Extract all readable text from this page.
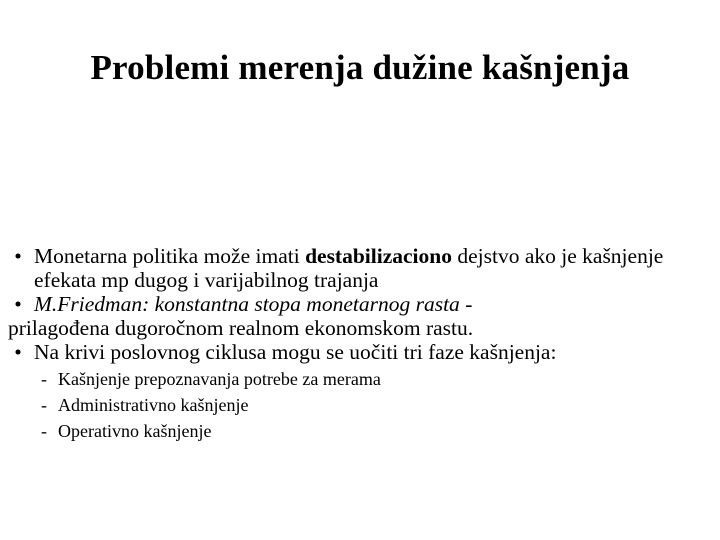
Problemi merenja dužine kašnjenja

• Monetarna politika može imati destabilizaciono dejstvo ako je kašnjenje efekata mp dugog i varijabilnog trajanja

• M.Friedman: konstantna stopa monetarnog rasta -

prilagođena dugoročnom realnom ekonomskom rastu.

• Na krivi poslovnog ciklusa mogu se uočiti tri faze kašnjenja:

- Kašnjenje prepoznavanja potrebe za merama
- Administrativno kašnjenje
- Operativno kašnjenje
